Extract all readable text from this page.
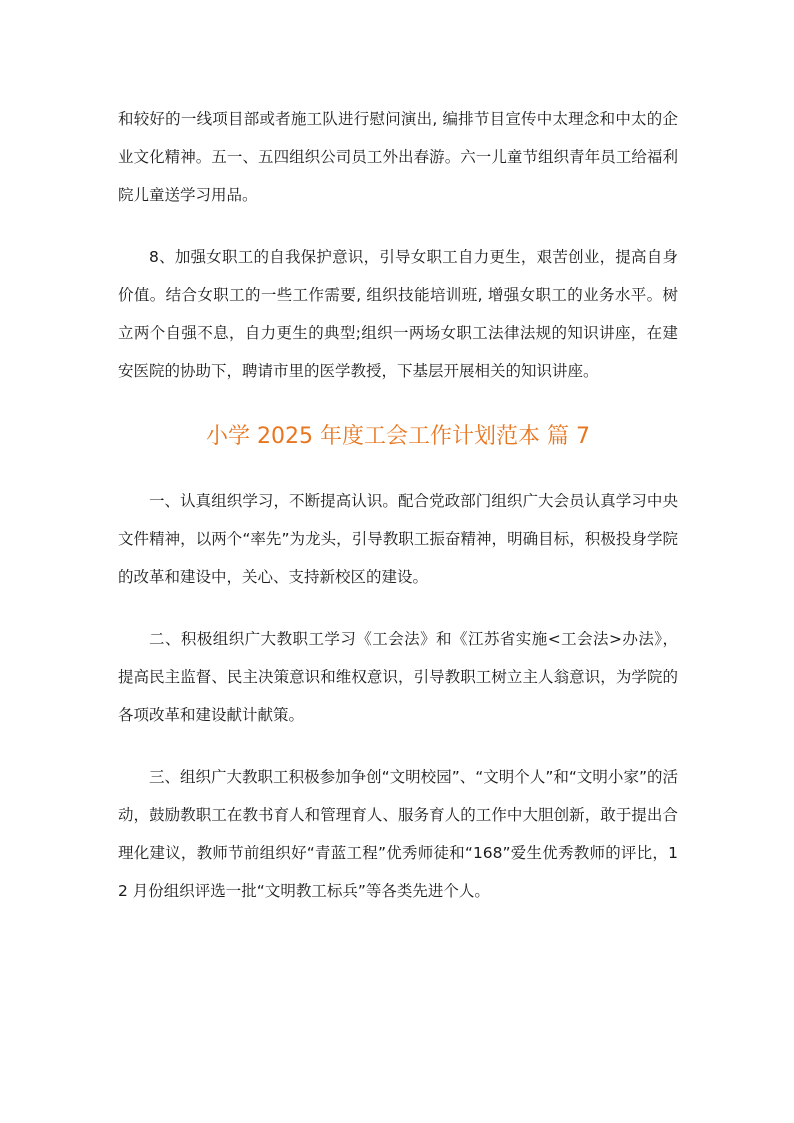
和较好的一线项目部或者施工队进行慰问演出, 编排节目宣传中太理念和中太的企业文化精神。五一、五四组织公司员工外出春游。六一儿童节组织青年员工给福利院儿童送学习用品。

8、加强女职工的自我保护意识，引导女职工自力更生，艰苦创业，提高自身价值。结合女职工的一些工作需要, 组织技能培训班, 增强女职工的业务水平。树立两个自强不息，自力更生的典型;组织一两场女职工法律法规的知识讲座，在建安医院的协助下，聘请市里的医学教授，下基层开展相关的知识讲座。

小学 2025 年度工会工作计划范本 篇 7

一、认真组织学习，不断提高认识。配合党政部门组织广大会员认真学习中央文件精神，以两个“率先”为龙头，引导教职工振奋精神，明确目标，积极投身学院的改革和建设中，关心、支持新校区的建设。

二、积极组织广大教职工学习《工会法》和《江苏省实施<工会法>办法》，提高民主监督、民主决策意识和维权意识，引导教职工树立主人翁意识，为学院的各项改革和建设献计献策。

三、组织广大教职工积极参加争创“文明校园”、“文明个人”和“文明小家”的活动，鼓励教职工在教书育人和管理育人、服务育人的工作中大胆创新，敢于提出合理化建议，教师节前组织好“青蓝工程”优秀师徒和“168”爱生优秀教师的评比，12 月份组织评选一批“文明教工标兵”等各类先进个人。
